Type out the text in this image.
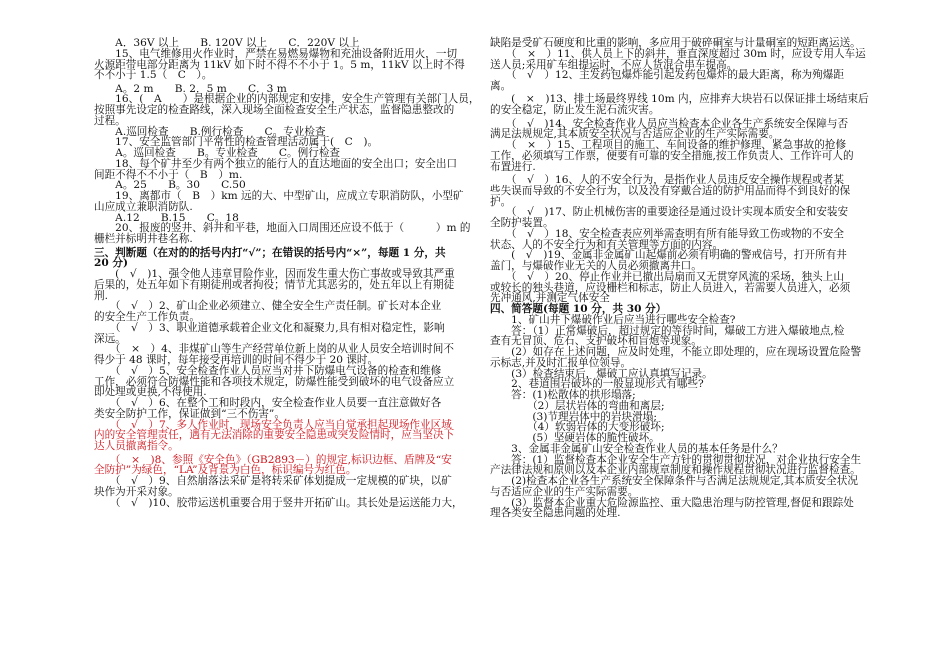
　　A．36V 以上　　B. 120V 以上　　C．220V 以上
　　15、电气维修用火作业时，严禁在易燃易爆物和充油设备附近用火，一切
火源距带电部分距离为 11kV 如下时不得不不小于 1。5 m，11kV 以上时不得
不不小于 1.5（　C　）。
　　A。2 m　　B. 2．5 m　　C．3 m
　　16、(　A　　）是根据企业的内部规定和安排，安全生产管理有关部门人员，
按照事先设定的检查路线，深入现场全面检查安全生产状态，监督隐患整改的
过程。
　　A.巡回检查　　B.例行检查　　C。专业检查
　　17、安全监管部门平常性的检查管理活动属于(　C　)。
　　A。巡回检查　　B。专业检查　　C。例行检查
　　18、每个矿井至少有两个独立的能行人的直达地面的安全出口；安全出口
间距不得不不小于（　B　）m.
　　A。25　　B。30　　C.50
　　19、离都市（　B　）km 远的大、中型矿山，应成立专职消防队，小型矿
山应成立兼职消防队.
　　A.12　　B.15　　C。18
　　20、报废的竖井、斜井和平巷，地面入口周围还应设不低于（　　　）m 的
栅栏并标明井巷名称.
三、判断题（在对的的括号内打“√”；在错误的括号内“×”，每题 1 分，共
20 分)
　　(　√　)1、强令他人违章冒险作业，因而发生重大伤亡事故或导致其严重
后果的，处五年如下有期徒刑或者拘役；情节尤其恶劣的，处五年以上有期徒
刑.
　　（　√　）2、矿山企业必须建立、健全安全生产责任制。矿长对本企业
的安全生产工作负责。
　　（　√　）3、职业道德承载着企业文化和凝聚力,具有相对稳定性，影响
深远。
　　（　×　）4、非煤矿山等生产经营单位新上岗的从业人员安全培训时间不
得少于 48 课时，每年接受再培训的时间不得少于 20 课时。
　　（　√　）5、安全检查作业人员应当对井下防爆电气设备的检查和维修
工作，必须符合防爆性能和各项技术规定，防爆性能受到破坏的电气设备应立
即处理或更换,不得使用.
　　（　√　）6、在整个工和时段内，安全检查作业人员要一直注意做好各
类安全防护工作，保证做到“三不伤害”。
　　（　√　）7、多人作业时，现场安全负责人应当自觉承担起现场作业区域
内的安全管理责任，遇有无法消除的重要安全隐患或突发险情时，应当坚决下
达人员撤离指令。
　　（　×　)8、参照《安全色》（GB2893－）的规定,标识边框、盾牌及“安
全防护”为绿色，“LA”及背景为白色，标识编号为红色。
　　（　√　）9、自然崩落法采矿是将转采矿体划提成一定规模的矿块，以矿
块作为开采对象。
　　（　√　)10、胶带运送机重要合用于竖井开拓矿山。其长处是运送能力大，
缺陷是受矿石硬度和比重的影响，多应用于破碎硐室与计量硐室的短距离运送。
　　（　×　）11、供人员上下的斜井，垂直深度超过 30m 时，应设专用人车运
送人员;采用矿车组提运时，不应人货混合串车提高。
　　（　√　）12、主发药包爆炸能引起发药包爆炸的最大距离，称为殉爆距
离。
　　(　×　)13、排土场最终界线 10m 内，应排弃大块岩石以保证排土场结束后
的安全稳定，防止发生泥石流灾害。
　　（　√　)14、安全检查作业人员应当检查本企业各生产系统安全保障与否
满足法规规定,其本质安全状况与否适应企业的生产实际需要。
　　（　×　）15、工程项目的施工、车间设备的维护修理、紧急事故的抢修
工作，必须填写工作票，便要有可靠的安全措施,按工作负责人、工作许可人的
布置进行.
　　（　√　）16、人的不安全行为，是指作业人员违反安全操作规程或者某
些失误而导致的不安全行为，以及没有穿戴合适的防护用品而得不到良好的保
护。
　　（　√　)17、防止机械伤害的重要途径是通过设计实现本质安全和安装安
全防护装置。
　　（　√　）18、安全检查表应列举需查明有所有能导致工伤或物的不安全
状态、人的不安全行为和有关管理等方面的内容。
　　(　√　)19、金属非金属矿山起爆前必须有明确的警戒信号，打开所有井
盖门，与爆破作业无关的人员必须撤离井口。
　　（　√　）20、停止作业并已撤出局扇而又无贯穿风流的采场，独头上山
或较长的独头巷道，应设栅栏和标志，防止人员进入，若需要人员进入，必须
先冲通风,并测定气体安全
四、简答题(每题 10 分，共 30 分）
　　1、矿山井下爆破作业后应当进行哪些安全检查?
　　答：（1）正常爆破后，超过规定的等待时间，爆破工方进入爆破地点,检
查有无冒顶、危石、支护破坏和盲炮等现象。
　　(2）如存在上述问题，应及时处理，不能立即处理的，应在现场设置危险警
示标志,并及时汇报单位领导。
　　(3）检查结束后，爆破工应认真填写记录。
　　2、巷道围岩破坏的一般显现形式有哪些?
　　答：(1)松散体的拱形塌落;
　　　　（2）层状岩体的弯曲和离层;
　　　　(3)节理岩体中的岩块滑塌;
　　　　（4）软弱岩体的大变形破坏;
　　　　(5）坚硬岩体的脆性破坏。
　　3、金属非金属矿山安全检查作业人员的基本任务是什么？
　　答：(1）监督检查本企业安全生产方针的贯彻贯彻状况，对企业执行安全生
产法律法规和原则以及本企业内部规章制度和操作规程贯彻状况进行监督检查。
　　(2)检查本企业各生产系统安全保障条件与否满足法规规定,其本质安全状况
与否适应企业的生产实际需要。
　　(3）监督本企业重大危险源监控、重大隐患治理与防控管理,督促和跟踪处
理各类安全隐患问题的处理.
